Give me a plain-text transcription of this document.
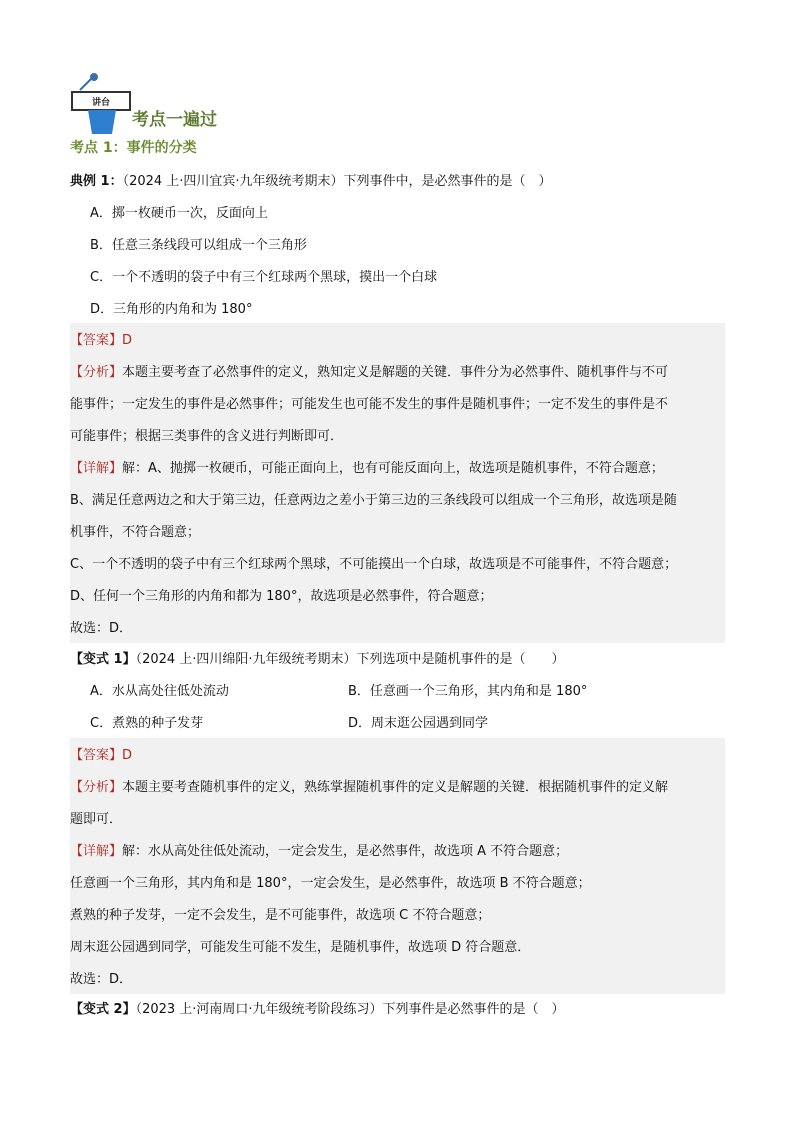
讲台
考点一遍过
考点 1：事件的分类
典例 1：（2024 上·四川宜宾·九年级统考期末）下列事件中，是必然事件的是（　）
A．掷一枚硬币一次，反面向上
B．任意三条线段可以组成一个三角形
C．一个不透明的袋子中有三个红球两个黑球，摸出一个白球
D．三角形的内角和为 180°
【答案】D
【分析】本题主要考查了必然事件的定义，熟知定义是解题的关键．事件分为必然事件、随机事件与不可
能事件；一定发生的事件是必然事件；可能发生也可能不发生的事件是随机事件；一定不发生的事件是不
可能事件；根据三类事件的含义进行判断即可．
【详解】解：A、抛掷一枚硬币，可能正面向上，也有可能反面向上，故选项是随机事件，不符合题意；
B、满足任意两边之和大于第三边，任意两边之差小于第三边的三条线段可以组成一个三角形，故选项是随
机事件，不符合题意；
C、一个不透明的袋子中有三个红球两个黑球，不可能摸出一个白球，故选项是不可能事件，不符合题意；
D、任何一个三角形的内角和都为 180°，故选项是必然事件，符合题意；
故选：D．
【变式 1】（2024 上·四川绵阳·九年级统考期末）下列选项中是随机事件的是（　　）
A．水从高处往低处流动	B．任意画一个三角形，其内角和是 180°
C．煮熟的种子发芽	D．周末逛公园遇到同学
【答案】D
【分析】本题主要考查随机事件的定义，熟练掌握随机事件的定义是解题的关键．根据随机事件的定义解
题即可．
【详解】解：水从高处往低处流动，一定会发生，是必然事件，故选项 A 不符合题意；
任意画一个三角形，其内角和是 180°，一定会发生，是必然事件，故选项 B 不符合题意；
煮熟的种子发芽，一定不会发生，是不可能事件，故选项 C 不符合题意；
周末逛公园遇到同学，可能发生可能不发生，是随机事件，故选项 D 符合题意．
故选：D．
【变式 2】（2023 上·河南周口·九年级统考阶段练习）下列事件是必然事件的是（　）
